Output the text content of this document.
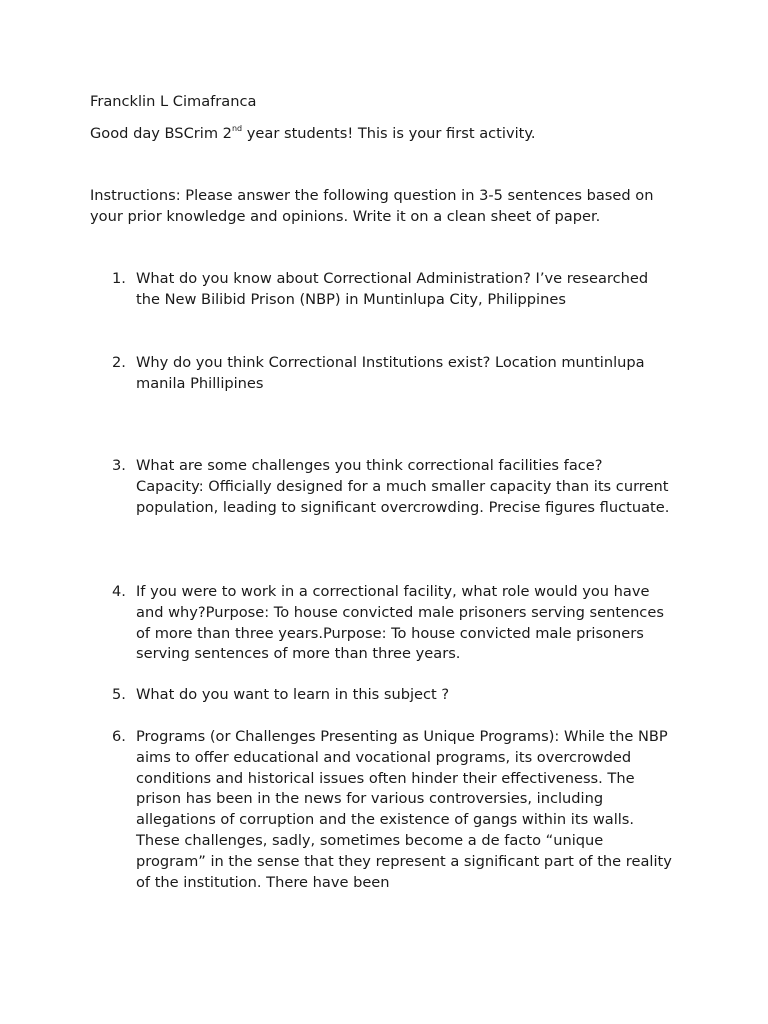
Francklin L Cimafranca
Good day BSCrim 2nd year students! This is your first activity.
Instructions: Please answer the following question in 3-5 sentences based on your prior knowledge and opinions. Write it on a clean sheet of paper.
1. What do you know about Correctional Administration? I’ve researched the New Bilibid Prison (NBP) in Muntinlupa City, Philippines
2. Why do you think Correctional Institutions exist? Location muntinlupa manila Phillipines
3. What are some challenges you think correctional facilities face? Capacity: Officially designed for a much smaller capacity than its current population, leading to significant overcrowding. Precise figures fluctuate.
4. If you were to work in a correctional facility, what role would you have and why?Purpose: To house convicted male prisoners serving sentences of more than three years.Purpose: To house convicted male prisoners serving sentences of more than three years.
5. What do you want to learn in this subject ?
6. Programs (or Challenges Presenting as Unique Programs): While the NBP aims to offer educational and vocational programs, its overcrowded conditions and historical issues often hinder their effectiveness. The prison has been in the news for various controversies, including allegations of corruption and the existence of gangs within its walls. These challenges, sadly, sometimes become a de facto “unique program” in the sense that they represent a significant part of the reality of the institution. There have been
